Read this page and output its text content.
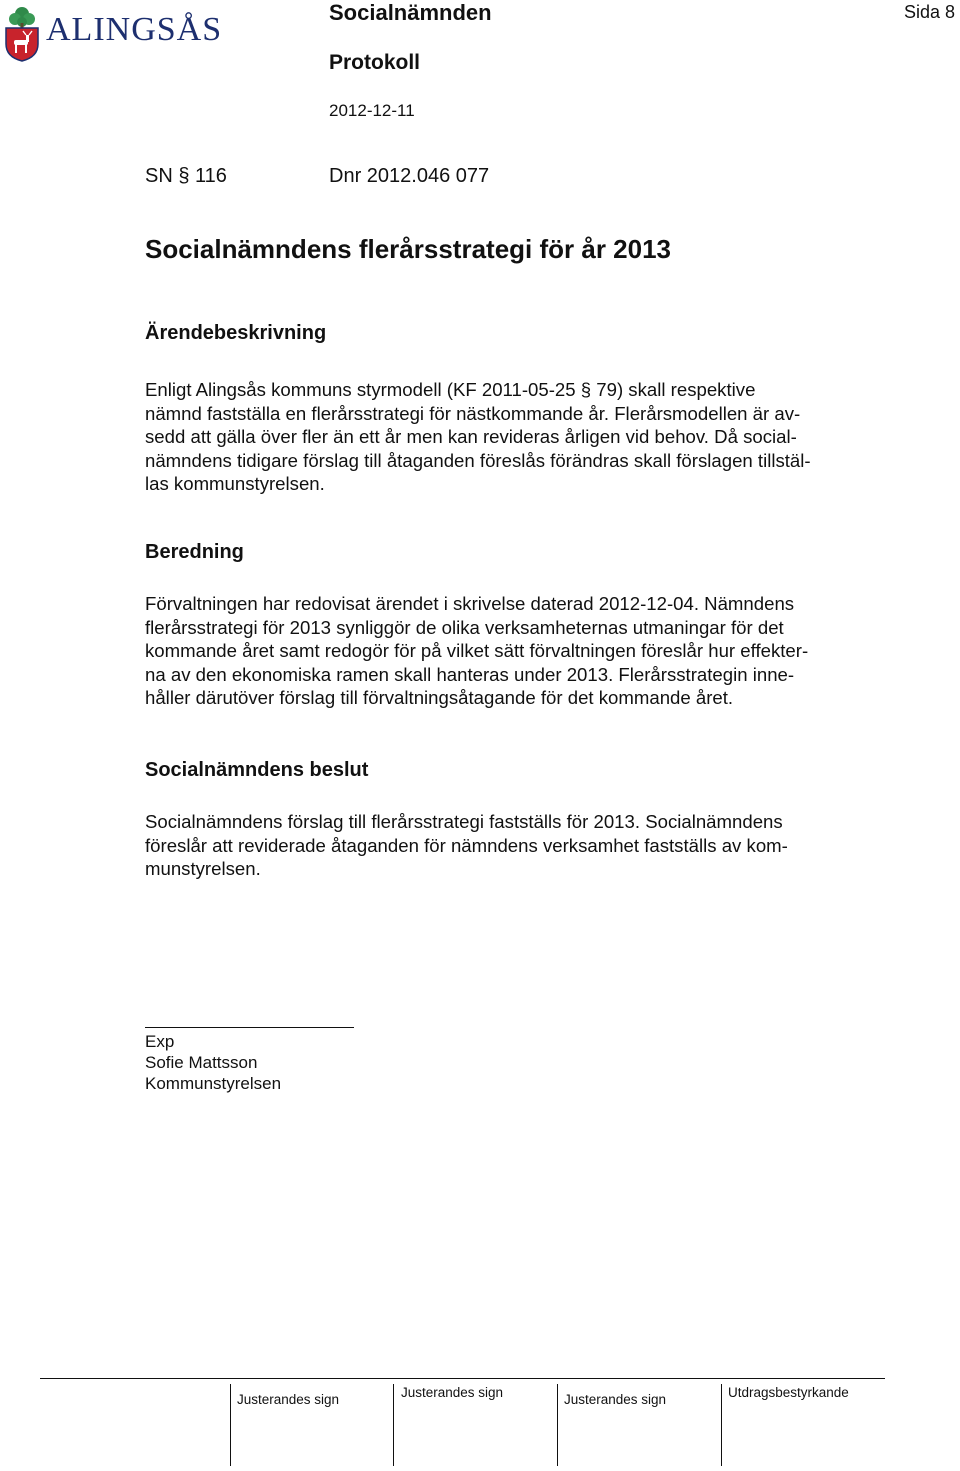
ALINGSÅS	Socialnämnden
Protokoll
2012-12-11
Sida 8
SN § 116	Dnr 2012.046 077
Socialnämndens flerårsstrategi för år 2013
Ärendebeskrivning
Enligt Alingsås kommuns styrmodell (KF 2011-05-25 § 79) skall respektive
nämnd fastställa en flerårsstrategi för nästkommande år. Flerårsmodellen är av-
sedd att gälla över fler än ett år men kan revideras årligen vid behov. Då social-
nämndens tidigare förslag till åtaganden föreslås förändras skall förslagen tillstäl-
las kommunstyrelsen.
Beredning
Förvaltningen har redovisat ärendet i skrivelse daterad 2012-12-04. Nämndens
flerårsstrategi för 2013 synliggör de olika verksamheternas utmaningar för det
kommande året samt redogör för på vilket sätt förvaltningen föreslår hur effekter-
na av den ekonomiska ramen skall hanteras under 2013. Flerårsstrategin inne-
håller därutöver förslag till förvaltningsåtagande för det kommande året.
Socialnämndens beslut
Socialnämndens förslag till flerårsstrategi fastställs för 2013. Socialnämndens
föreslår att reviderade åtaganden för nämndens verksamhet fastställs av kom-
munstyrelsen.
Exp
Sofie Mattsson
Kommunstyrelsen
Justerandes sign	Justerandes sign	Justerandes sign	Utdragsbestyrkande
